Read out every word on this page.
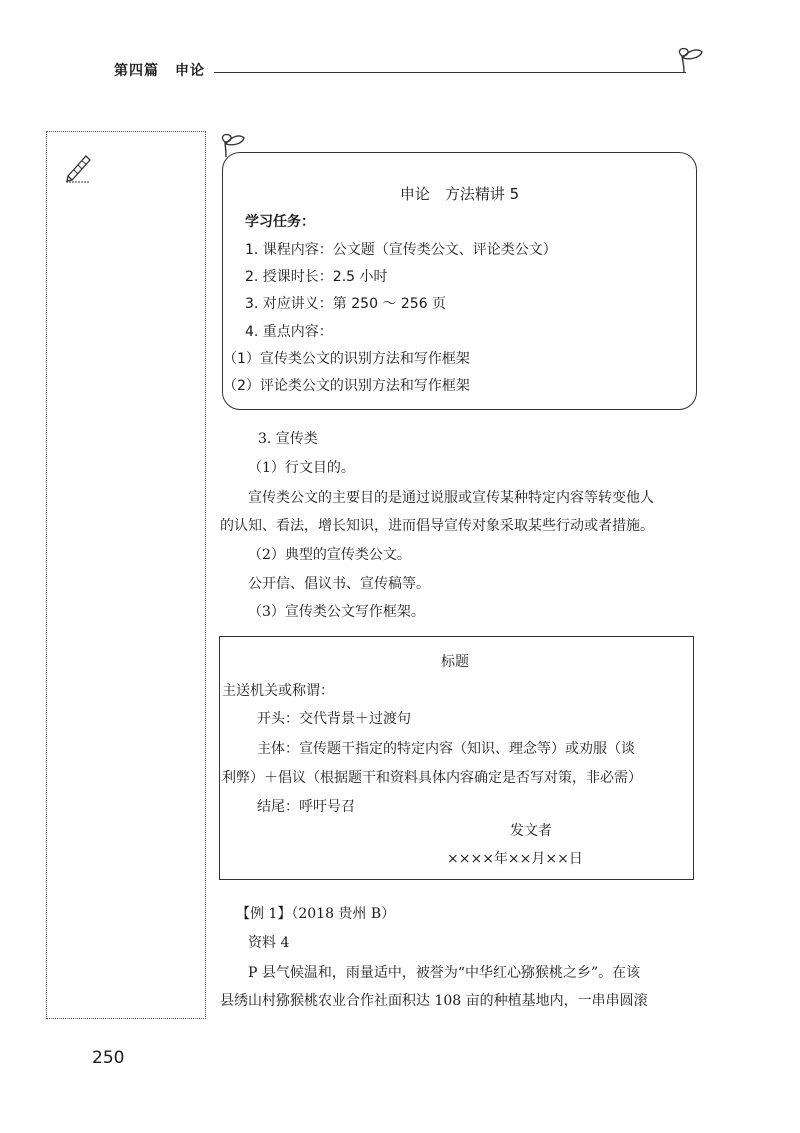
第四篇 申论
申论　方法精讲 5
学习任务：
1. 课程内容：公文题（宣传类公文、评论类公文）
2. 授课时长：2.5 小时
3. 对应讲义：第 250 ～ 256 页
4. 重点内容：
（1）宣传类公文的识别方法和写作框架
（2）评论类公文的识别方法和写作框架
3. 宣传类
（1）行文目的。
宣传类公文的主要目的是通过说服或宣传某种特定内容等转变他人
的认知、看法，增长知识，进而倡导宣传对象采取某些行动或者措施。
（2）典型的宣传类公文。
公开信、倡议书、宣传稿等。
（3）宣传类公文写作框架。
标题
主送机关或称谓：
开头：交代背景＋过渡句
主体：宣传题干指定的特定内容（知识、理念等）或劝服（谈
利弊）＋倡议（根据题干和资料具体内容确定是否写对策，非必需）
结尾：呼吁号召
发文者
××××年××月××日
【例 1】（2018 贵州 B）
资料 4
P 县气候温和，雨量适中，被誉为“中华红心猕猴桃之乡”。在该
县绣山村猕猴桃农业合作社面积达 108 亩的种植基地内，一串串圆滚
250
